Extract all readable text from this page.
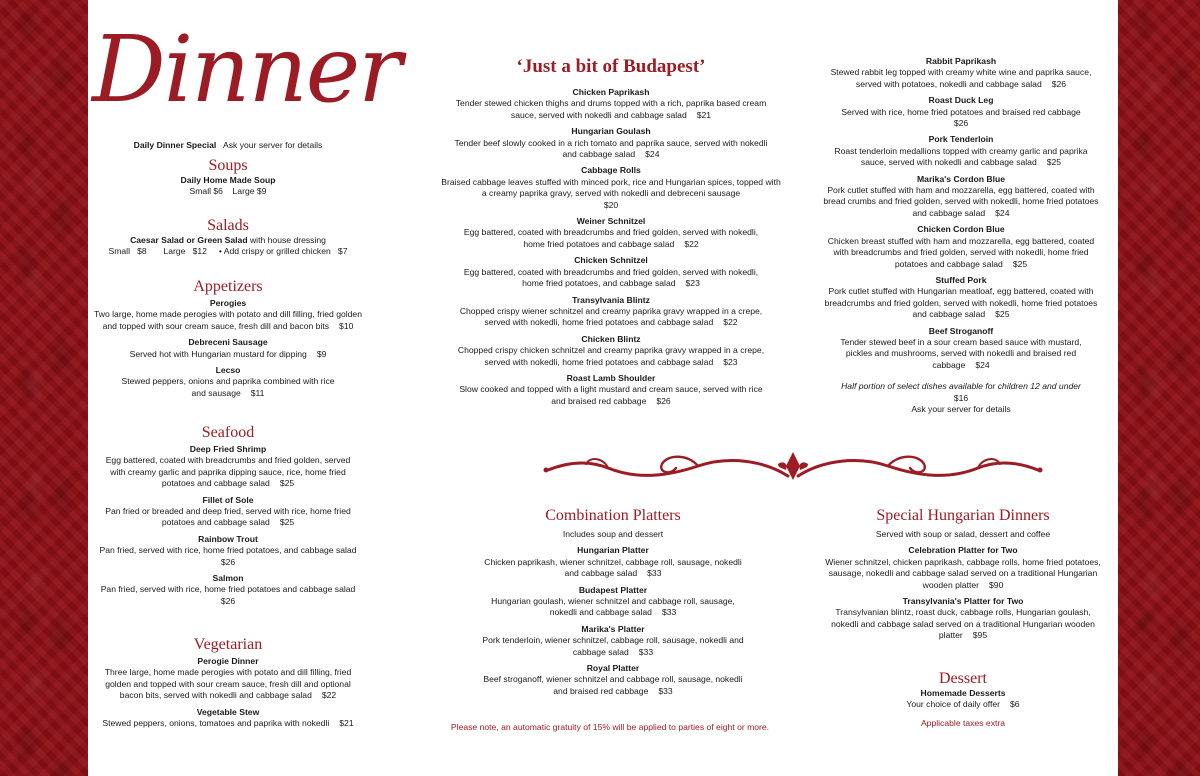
Dinner
Daily Dinner Special Ask your server for details
Soups
Daily Home Made Soup
Small $6 Large $9
Salads
Caesar Salad or Green Salad with house dressing
Small   $8       Large   $12     • Add crispy or grilled chicken   $7
Appetizers
Perogies
Two large, home made perogies with potato and dill filling, fried golden and topped with sour cream sauce, fresh dill and bacon bits $10
Debreceni Sausage
Served hot with Hungarian mustard for dipping $9
Lecso
Stewed peppers, onions and paprika combined with rice and sausage $11
Seafood
Deep Fried Shrimp
Egg battered, coated with breadcrumbs and fried golden, served with creamy garlic and paprika dipping sauce, rice, home fried potatoes and cabbage salad $25
Fillet of Sole
Pan fried or breaded and deep fried, served with rice, home fried potatoes and cabbage salad $25
Rainbow Trout
Pan fried, served with rice, home fried potatoes, and cabbage salad
$26
Salmon
Pan fried, served with rice, home fried potatoes and cabbage salad
$26
Vegetarian
Perogie Dinner
Three large, home made perogies with potato and dill filling, fried golden and topped with sour cream sauce, fresh dill and optional bacon bits, served with nokedli and cabbage salad $22
Vegetable Stew
Stewed peppers, onions, tomatoes and paprika with nokedli $21
‘Just a bit of Budapest’
Chicken Paprikash
Tender stewed chicken thighs and drums topped with a rich, paprika based cream sauce, served with nokedli and cabbage salad $21
Hungarian Goulash
Tender beef slowly cooked in a rich tomato and paprika sauce, served with nokedli and cabbage salad $24
Cabbage Rolls
Braised cabbage leaves stuffed with minced pork, rice and Hungarian spices, topped with a creamy paprika gravy, served with nokedli and debreceni sausage
$20
Weiner Schnitzel
Egg battered, coated with breadcrumbs and fried golden, served with nokedli, home fried potatoes and cabbage salad $22
Chicken Schnitzel
Egg battered, coated with breadcrumbs and fried golden, served with nokedli, home fried potatoes, and cabbage salad $23
Transylvania Blintz
Chopped crispy wiener schnitzel and creamy paprika gravy wrapped in a crepe, served with nokedli, home fried potatoes and cabbage salad $22
Chicken Blintz
Chopped crispy chicken schnitzel and creamy paprika gravy wrapped in a crepe, served with nokedli, home fried potatoes and cabbage salad $23
Roast Lamb Shoulder
Slow cooked and topped with a light mustard and cream sauce, served with rice and braised red cabbage $26
Rabbit Paprikash
Stewed rabbit leg topped with creamy white wine and paprika sauce, served with potatoes, nokedli and cabbage salad $26
Roast Duck Leg
Served with rice, home fried potatoes and braised red cabbage
$26
Pork Tenderloin
Roast tenderloin medallions topped with creamy garlic and paprika sauce, served with nokedli and cabbage salad $25
Marika's Cordon Blue
Pork cutlet stuffed with ham and mozzarella, egg battered, coated with bread crumbs and fried golden, served with nokedli, home fried potatoes and cabbage salad $24
Chicken Cordon Blue
Chicken breast stuffed with ham and mozzarella, egg battered, coated with breadcrumbs and fried golden, served with nokedli, home fried potatoes and cabbage salad $25
Stuffed Pork
Pork cutlet stuffed with Hungarian meatloaf, egg battered, coated with breadcrumbs and fried golden, served with nokedli, home fried potatoes and cabbage salad $25
Beef Stroganoff
Tender stewed beef in a sour cream based sauce with mustard, pickles and mushrooms, served with nokedli and braised red cabbage $24
Half portion of select dishes available for children 12 and under
$16
Ask your server for details
Combination Platters
Includes soup and dessert
Hungarian Platter
Chicken paprikash, wiener schnitzel, cabbage roll, sausage, nokedli and cabbage salad $33
Budapest Platter
Hungarian goulash, wiener schnitzel and cabbage roll, sausage, nokedli and cabbage salad $33
Marika's Platter
Pork tenderloin, wiener schnitzel, cabbage roll, sausage, nokedli and cabbage salad $33
Royal Platter
Beef stroganoff, wiener schnitzel and cabbage roll, sausage, nokedli and braised red cabbage $33
Please note, an automatic gratuity of 15% will be applied to parties of eight or more.
Special Hungarian Dinners
Served with soup or salad, dessert and coffee
Celebration Platter for Two
Wiener schnitzel, chicken paprikash, cabbage rolls, home fried potatoes, sausage, nokedli and cabbage salad served on a traditional Hungarian wooden platter $90
Transylvania's Platter for Two
Transylvanian blintz, roast duck, cabbage rolls, Hungarian goulash, nokedli and cabbage salad served on a traditional Hungarian wooden platter $95
Dessert
Homemade Desserts
Your choice of daily offer $6
Applicable taxes extra
